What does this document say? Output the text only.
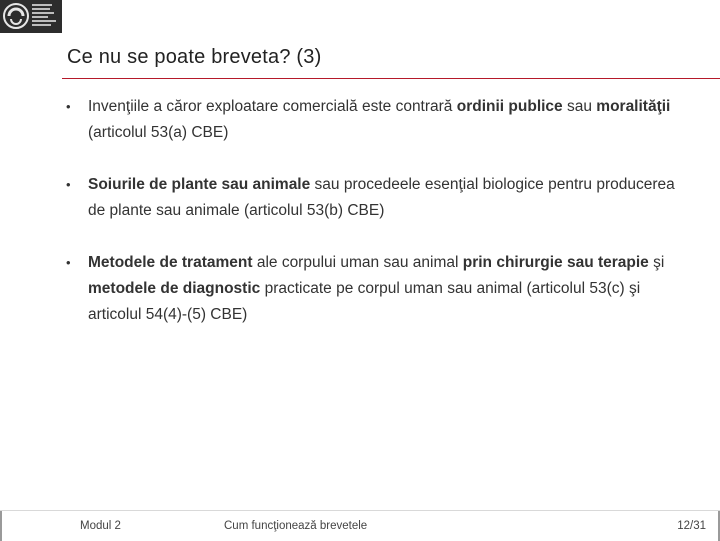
Ce nu se poate breveta? (3)
• Invenţiile a căror exploatare comercială este contrară ordinii publice sau moralităţii (articolul 53(a) CBE)
• Soiurile de plante sau animale sau procedeele esenţial biologice pentru producerea de plante sau animale (articolul 53(b) CBE)
• Metodele de tratament ale corpului uman sau animal prin chirurgie sau terapie şi metodele de diagnostic practicate pe corpul uman sau animal (articolul 53(c) şi articolul 54(4)-(5) CBE)
Modul 2	Cum funcţionează brevetele	12/31
